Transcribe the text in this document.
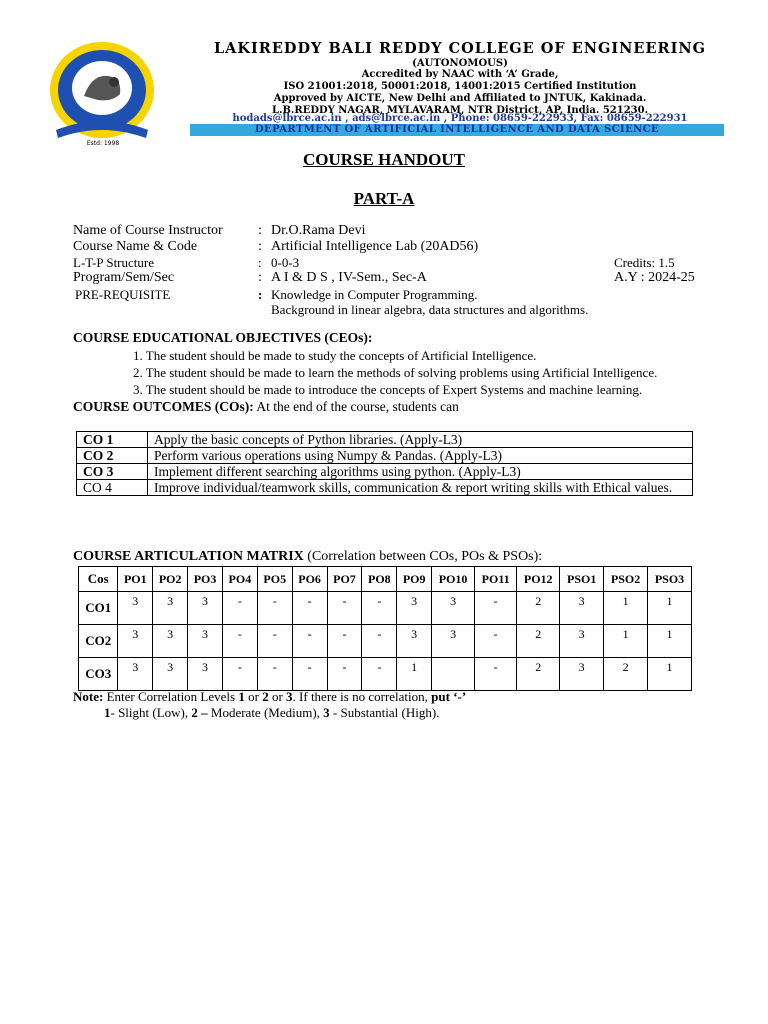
Estd: 1998
LAKIREDDY BALI REDDY COLLEGE OF ENGINEERING
(AUTONOMOUS)
Accredited by NAAC with ‘A’ Grade,
ISO 21001:2018, 50001:2018, 14001:2015 Certified Institution
Approved by AICTE, New Delhi and Affiliated to JNTUK, Kakinada.
L.B.REDDY NAGAR, MYLAVARAM, NTR District, AP, India. 521230.
hodads@lbrce.ac.in , ads@lbrce.ac.in , Phone: 08659-222933, Fax: 08659-222931
DEPARTMENT OF ARTIFICIAL INTELLIGENCE AND DATA SCIENCE
COURSE HANDOUT
PART-A
Name of Course Instructor	: Dr.O.Rama Devi
Course Name & Code	: Artificial Intelligence Lab (20AD56)
L-T-P Structure	: 0-0-3	Credits: 1.5
Program/Sem/Sec	: A I & D S , IV-Sem., Sec-A	A.Y : 2024-25
PRE-REQUISITE	: Knowledge in Computer Programming.
Background in linear algebra, data structures and algorithms.
COURSE EDUCATIONAL OBJECTIVES (CEOs):
1. The student should be made to study the concepts of Artificial Intelligence.
2. The student should be made to learn the methods of solving problems using Artificial Intelligence.
3. The student should be made to introduce the concepts of Expert Systems and machine learning.
COURSE OUTCOMES (COs): At the end of the course, students can
CO 1	Apply the basic concepts of Python libraries. (Apply-L3)
CO 2	Perform various operations using Numpy & Pandas. (Apply-L3)
CO 3	Implement different searching algorithms using python. (Apply-L3)
CO 4	Improve individual/teamwork skills, communication & report writing skills with Ethical values.
COURSE ARTICULATION MATRIX (Correlation between COs, POs & PSOs):
Cos	PO1	PO2	PO3	PO4	PO5	PO6	PO7	PO8	PO9	PO10	PO11	PO12	PSO1	PSO2	PSO3
CO1	3	3	3	-	-	-	-	-	3	3	-	2	3	1	1
CO2	3	3	3	-	-	-	-	-	3	3	-	2	3	1	1
CO3	3	3	3	-	-	-	-	-	1		-	2	3	2	1
Note: Enter Correlation Levels 1 or 2 or 3. If there is no correlation, put ‘-’
1- Slight (Low), 2 – Moderate (Medium), 3 - Substantial (High).
